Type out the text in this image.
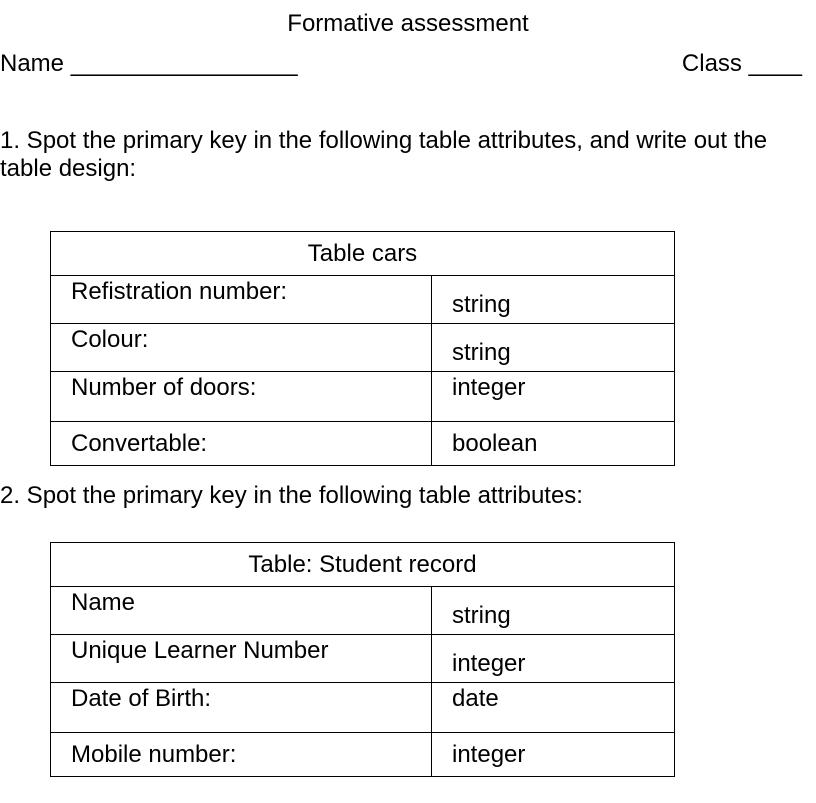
Formative assessment
Name _________________	Class ____
1. Spot the primary key in the following table attributes, and write out the table design:
Table cars	
Refistration number:	string
Colour:	string
Number of doors:	integer
Convertable:	boolean
2. Spot the primary key in the following table attributes:
Table: Student record	
Name	string
Unique Learner Number	integer
Date of Birth:	date
Mobile number:	integer
